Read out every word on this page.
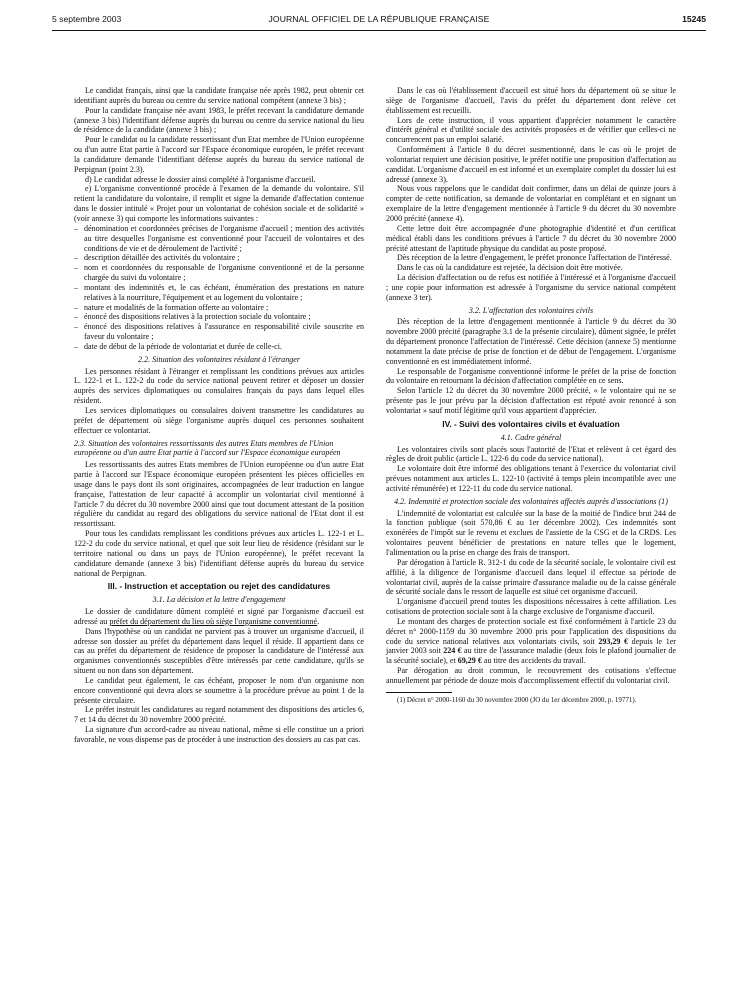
5 septembre 2003	JOURNAL OFFICIEL DE LA RÉPUBLIQUE FRANÇAISE	15245

Le candidat français, ainsi que la candidate française née après 1982, peut obtenir cet identifiant auprès du bureau ou centre du service national compétent (annexe 3 bis) ;

Pour la candidate française née avant 1983, le préfet recevant la candidature demande (annexe 3 bis) l'identifiant défense auprès du bureau ou centre du service national du lieu de résidence de la candidate (annexe 3 bis) ;

Pour le candidat ou la candidate ressortissant d'un Etat membre de l'Union européenne ou d'un autre Etat partie à l'accord sur l'Espace économique européen, le préfet recevant la candidature demande l'identifiant défense auprès du bureau du service national de Perpignan (point 2.3).

d) Le candidat adresse le dossier ainsi complété à l'organisme d'accueil.

e) L'organisme conventionné procède à l'examen de la demande du volontaire. S'il retient la candidature du volontaire, il remplit et signe la demande d'affectation contenue dans le dossier intitulé « Projet pour un volontariat de cohésion sociale et de solidarité » (voir annexe 3) qui comporte les informations suivantes :

– dénomination et coordonnées précises de l'organisme d'accueil ; mention des activités au titre desquelles l'organisme est conventionné pour l'accueil de volontaires et des conditions de vie et de déroulement de l'activité ;
– description détaillée des activités du volontaire ;
– nom et coordonnées du responsable de l'organisme conventionné et de la personne chargée du suivi du volontaire ;
– montant des indemnités et, le cas échéant, énumération des prestations en nature relatives à la nourriture, l'équipement et au logement du volontaire ;
– nature et modalités de la formation offerte au volontaire ;
– énoncé des dispositions relatives à la protection sociale du volontaire ;
– énoncé des dispositions relatives à l'assurance en responsabilité civile souscrite en faveur du volontaire ;
– date de début de la période de volontariat et durée de celle-ci.
2.2. Situation des volontaires résidant à l'étranger

Les personnes résidant à l'étranger et remplissant les conditions prévues aux articles L. 122-1 et L. 122-2 du code du service national peuvent retirer et déposer un dossier auprès des services diplomatiques ou consulaires français du pays dans lequel elles résident.

Les services diplomatiques ou consulaires doivent transmettre les candidatures au préfet de département où siège l'organisme auprès duquel ces personnes souhaitent effectuer ce volontariat.

2.3. Situation des volontaires ressortissants des autres Etats membres de l'Union européenne ou d'un autre Etat partie à l'accord sur l'Espace économique européen

Les ressortissants des autres Etats membres de l'Union européenne ou d'un autre Etat partie à l'accord sur l'Espace économique européen présentent les pièces officielles en usage dans le pays dont ils sont originaires, accompagnées de leur traduction en langue française, l'attestation de leur capacité à accomplir un volontariat civil mentionné à l'article 7 du décret du 30 novembre 2000 ainsi que tout document attestant de la position régulière du candidat au regard des obligations du service national de l'Etat dont il est ressortissant.

Pour tous les candidats remplissant les conditions prévues aux articles L. 122-1 et L. 122-2 du code du service national, et quel que soit leur lieu de résidence (résidant sur le territoire national ou dans un pays de l'Union européenne), le préfet recevant la candidature demande (annexe 3 bis) l'identifiant défense auprès du bureau du service national de Perpignan.

III. - Instruction et acceptation ou rejet des candidatures
3.1. La décision et la lettre d'engagement

Le dossier de candidature dûment complété et signé par l'organisme d'accueil est adressé au préfet du département du lieu où siège l'organisme conventionné.

Dans l'hypothèse où un candidat ne parvient pas à trouver un organisme d'accueil, il adresse son dossier au préfet du département dans lequel il réside. Il appartient dans ce cas au préfet du département de résidence de proposer la candidature de l'intéressé aux organismes conventionnés susceptibles d'être intéressés par cette candidature, qu'ils se situent ou non dans son département.

Le candidat peut également, le cas échéant, proposer le nom d'un organisme non encore conventionné qui devra alors se soumettre à la procédure prévue au point 1 de la présente circulaire.

Le préfet instruit les candidatures au regard notamment des dispositions des articles 6, 7 et 14 du décret du 30 novembre 2000 précité.

La signature d'un accord-cadre au niveau national, même si elle constitue un a priori favorable, ne vous dispense pas de procéder à une instruction des dossiers au cas par cas.

Dans le cas où l'établissement d'accueil est situé hors du département où se situe le siège de l'organisme d'accueil, l'avis du préfet du département dont relève cet établissement est recueilli.

Lors de cette instruction, il vous appartient d'apprécier notamment le caractère d'intérêt général et d'utilité sociale des activités proposées et de vérifier que celles-ci ne concurrencent pas un emploi salarié.

Conformément à l'article 8 du décret susmentionné, dans le cas où le projet de volontariat requiert une décision positive, le préfet notifie une proposition d'affectation au candidat. L'organisme d'accueil en est informé et un exemplaire complet du dossier lui est adressé (annexe 3).

Nous vous rappelons que le candidat doit confirmer, dans un délai de quinze jours à compter de cette notification, sa demande de volontariat en complétant et en signant un exemplaire de la lettre d'engagement mentionnée à l'article 9 du décret du 30 novembre 2000 précité (annexe 4).

Cette lettre doit être accompagnée d'une photographie d'identité et d'un certificat médical établi dans les conditions prévues à l'article 7 du décret du 30 novembre 2000 précité attestant de l'aptitude physique du candidat au poste proposé.

Dès réception de la lettre d'engagement, le préfet prononce l'affectation de l'intéressé.

Dans le cas où la candidature est rejetée, la décision doit être motivée.

La décision d'affectation ou de refus est notifiée à l'intéressé et à l'organisme d'accueil ; une copie pour information est adressée à l'organisme du service national compétent (annexe 3 ter).

3.2. L'affectation des volontaires civils

Dès réception de la lettre d'engagement mentionnée à l'article 9 du décret du 30 novembre 2000 précité (paragraphe 3.1 de la présente circulaire), dûment signée, le préfet du département prononce l'affectation de l'intéressé. Cette décision (annexe 5) mentionne notamment la date précise de prise de fonction et de début de l'engagement. L'organisme conventionné en est immédiatement informé.

Le responsable de l'organisme conventionné informe le préfet de la prise de fonction du volontaire en retournant la décision d'affectation complétée en ce sens.

Selon l'article 12 du décret du 30 novembre 2000 précité, « le volontaire qui ne se présente pas le jour prévu par la décision d'affectation est réputé avoir renoncé à son volontariat » sauf motif légitime qu'il vous appartient d'apprécier.

IV. - Suivi des volontaires civils et évaluation
4.1. Cadre général

Les volontaires civils sont placés sous l'autorité de l'Etat et relèvent à cet égard des règles de droit public (article L. 122-6 du code du service national).

Le volontaire doit être informé des obligations tenant à l'exercice du volontariat civil prévues notamment aux articles L. 122-10 (activité à temps plein incompatible avec une activité rémunérée) et 122-11 du code du service national.

4.2. Indemnité et protection sociale des volontaires affectés auprès d'associations (1)

L'indemnité de volontariat est calculée sur la base de la moitié de l'indice brut 244 de la fonction publique (soit 570,86 € au 1er décembre 2002). Ces indemnités sont exonérées de l'impôt sur le revenu et exclues de l'assiette de la CSG et de la CRDS. Les volontaires peuvent bénéficier de prestations en nature telles que le logement, l'alimentation ou la prise en charge des frais de transport.

Par dérogation à l'article R. 312-1 du code de la sécurité sociale, le volontaire civil est affilié, à la diligence de l'organisme d'accueil dans lequel il effectue sa période de volontariat civil, auprès de la caisse primaire d'assurance maladie ou de la caisse générale de sécurité sociale dans le ressort de laquelle est situé cet organisme d'accueil.

L'organisme d'accueil prend toutes les dispositions nécessaires à cette affiliation. Les cotisations de protection sociale sont à la charge exclusive de l'organisme d'accueil.

Le montant des charges de protection sociale est fixé conformément à l'article 23 du décret n° 2000-1159 du 30 novembre 2000 pris pour l'application des dispositions du code du service national relatives aux volontariats civils, soit 293,29 € depuis le 1er janvier 2003 soit 224 € au titre de l'assurance maladie (deux fois le plafond journalier de la sécurité sociale), et 69,29 € au titre des accidents du travail.

Par dérogation au droit commun, le recouvrement des cotisations s'effectue annuellement par période de douze mois d'accomplissement effectif du volontariat civil.

(1) Décret n° 2000-1160 du 30 novembre 2000 (JO du 1er décembre 2000, p. 19771).
